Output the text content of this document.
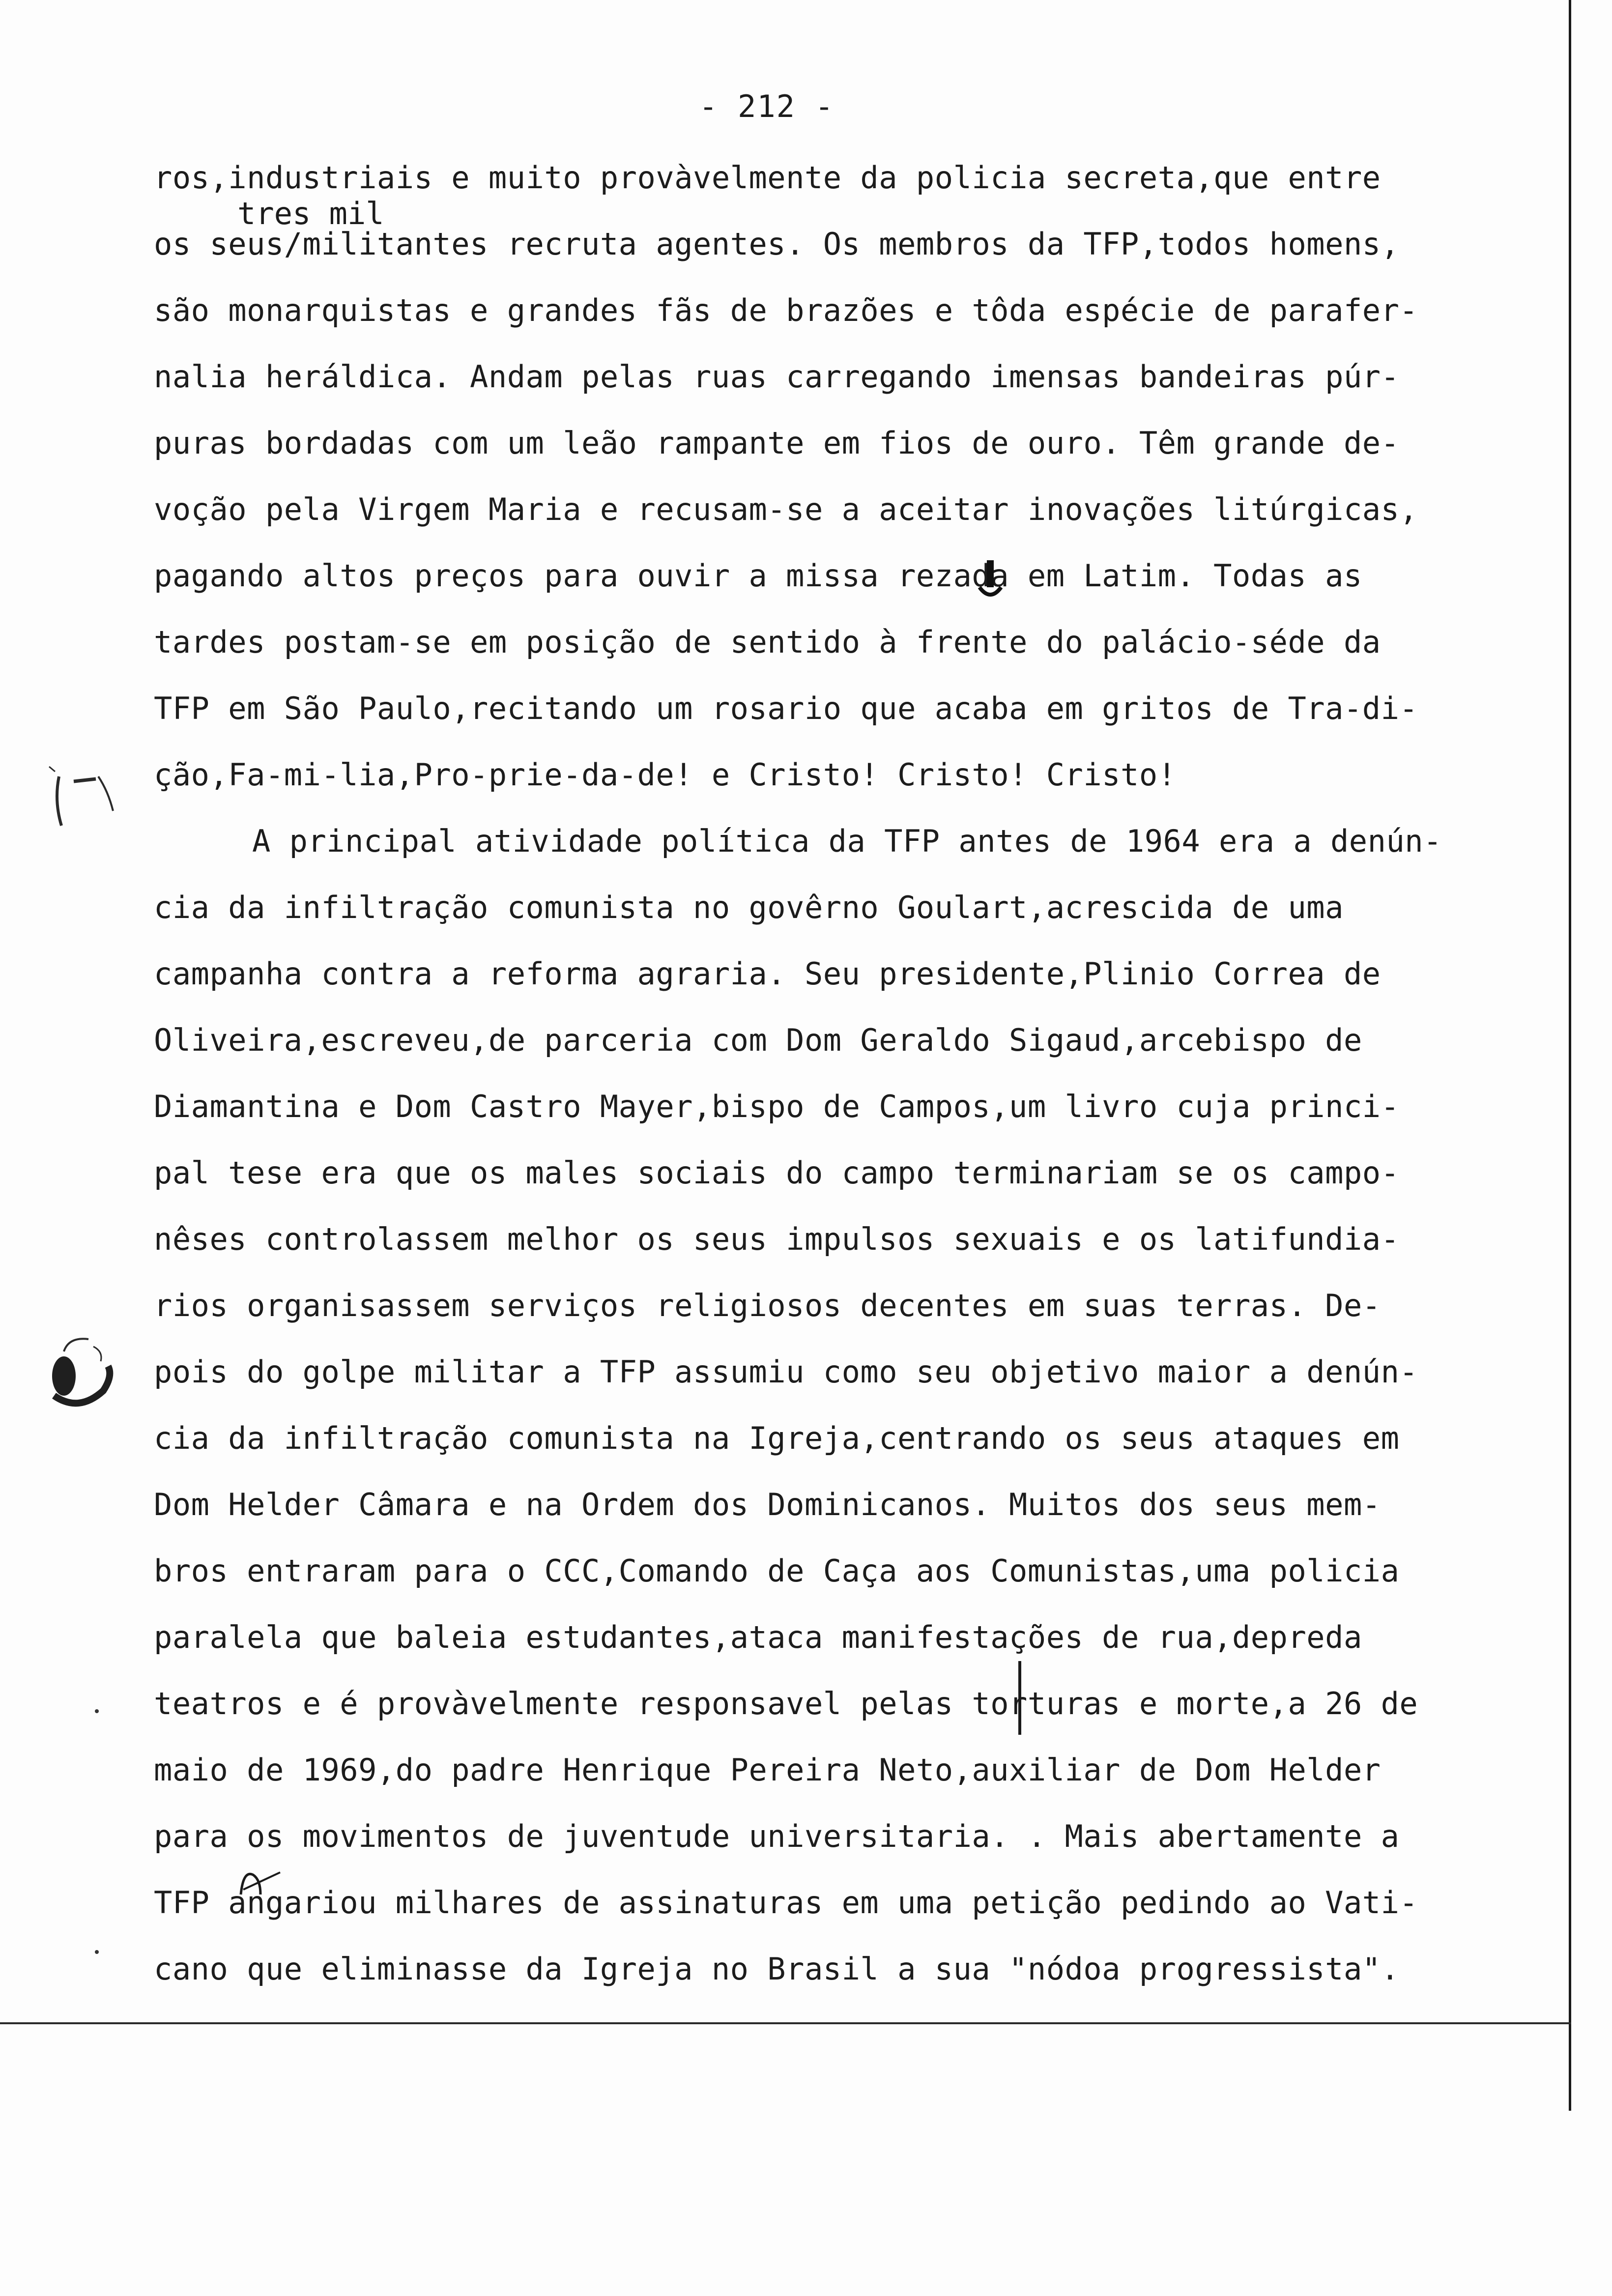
- 212 -
tres mil
ros,industriais e muito provàvelmente da policia secreta,que entre
os seus/militantes recruta agentes. Os membros da TFP,todos homens,
são monarquistas e grandes fãs de brazões e tôda espécie de parafer-
nalia heráldica. Andam pelas ruas carregando imensas bandeiras púr-
puras bordadas com um leão rampante em fios de ouro. Têm grande de-
voção pela Virgem Maria e recusam-se a aceitar inovações litúrgicas,
pagando altos preços para ouvir a missa rezada em Latim. Todas as
tardes postam-se em posição de sentido à frente do palácio-séde da
TFP em São Paulo,recitando um rosario que acaba em gritos de Tra-di-
ção,Fa-mi-lia,Pro-prie-da-de! e Cristo! Cristo! Cristo!
A principal atividade política da TFP antes de 1964 era a denún-
cia da infiltração comunista no govêrno Goulart,acrescida de uma
campanha contra a reforma agraria. Seu presidente,Plinio Correa de
Oliveira,escreveu,de parceria com Dom Geraldo Sigaud,arcebispo de
Diamantina e Dom Castro Mayer,bispo de Campos,um livro cuja princi-
pal tese era que os males sociais do campo terminariam se os campo-
nêses controlassem melhor os seus impulsos sexuais e os latifundia-
rios organisassem serviços religiosos decentes em suas terras. De-
pois do golpe militar a TFP assumiu como seu objetivo maior a denún-
cia da infiltração comunista na Igreja,centrando os seus ataques em
Dom Helder Câmara e na Ordem dos Dominicanos. Muitos dos seus mem-
bros entraram para o CCC,Comando de Caça aos Comunistas,uma policia
paralela que baleia estudantes,ataca manifestações de rua,depreda
teatros e é provàvelmente responsavel pelas torturas e morte,a 26 de
maio de 1969,do padre Henrique Pereira Neto,auxiliar de Dom Helder
para os movimentos de juventude universitaria. . Mais abertamente a
TFP angariou milhares de assinaturas em uma petição pedindo ao Vati-
cano que eliminasse da Igreja no Brasil a sua "nódoa progressista".
